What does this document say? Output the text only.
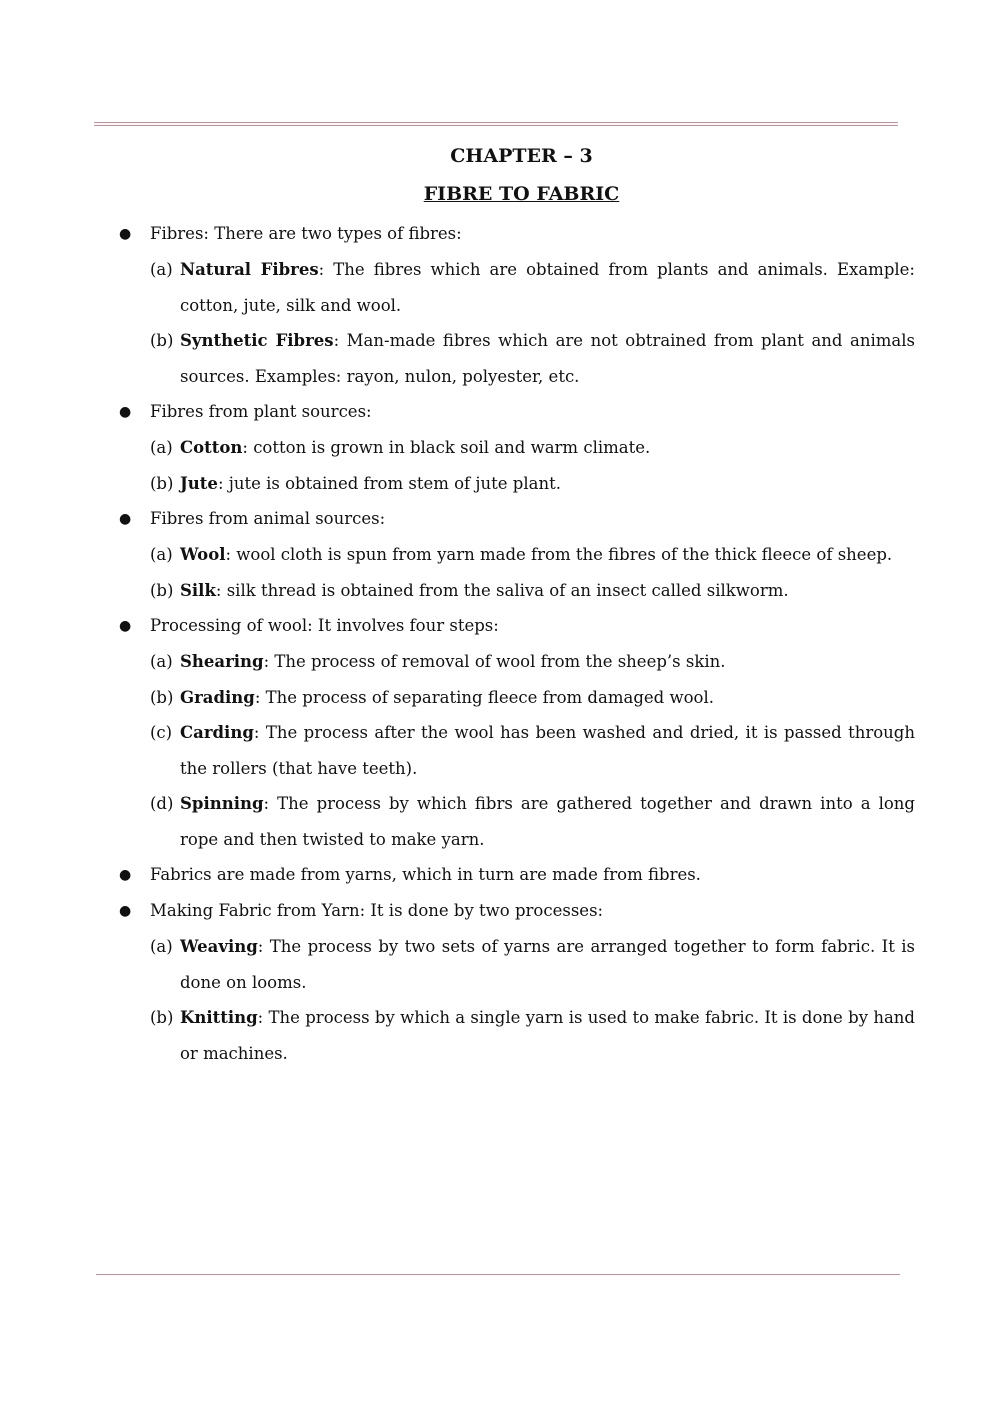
CHAPTER – 3
FIBRE TO FABRIC
● Fibres: There are two types of fibres:
(a) Natural Fibres: The fibres which are obtained from plants and animals. Example: cotton, jute, silk and wool.
(b) Synthetic Fibres: Man-made fibres which are not obtrained from plant and animals sources. Examples: rayon, nulon, polyester, etc.
● Fibres from plant sources:
(a) Cotton: cotton is grown in black soil and warm climate.
(b) Jute: jute is obtained from stem of jute plant.
● Fibres from animal sources:
(a) Wool: wool cloth is spun from yarn made from the fibres of the thick fleece of sheep.
(b) Silk: silk thread is obtained from the saliva of an insect called silkworm.
● Processing of wool: It involves four steps:
(a) Shearing: The process of removal of wool from the sheep’s skin.
(b) Grading: The process of separating fleece from damaged wool.
(c) Carding: The process after the wool has been washed and dried, it is passed through the rollers (that have teeth).
(d) Spinning: The process by which fibrs are gathered together and drawn into a long rope and then twisted to make yarn.
● Fabrics are made from yarns, which in turn are made from fibres.
● Making Fabric from Yarn: It is done by two processes:
(a) Weaving: The process by two sets of yarns are arranged together to form fabric. It is done on looms.
(b) Knitting: The process by which a single yarn is used to make fabric. It is done by hand or machines.
